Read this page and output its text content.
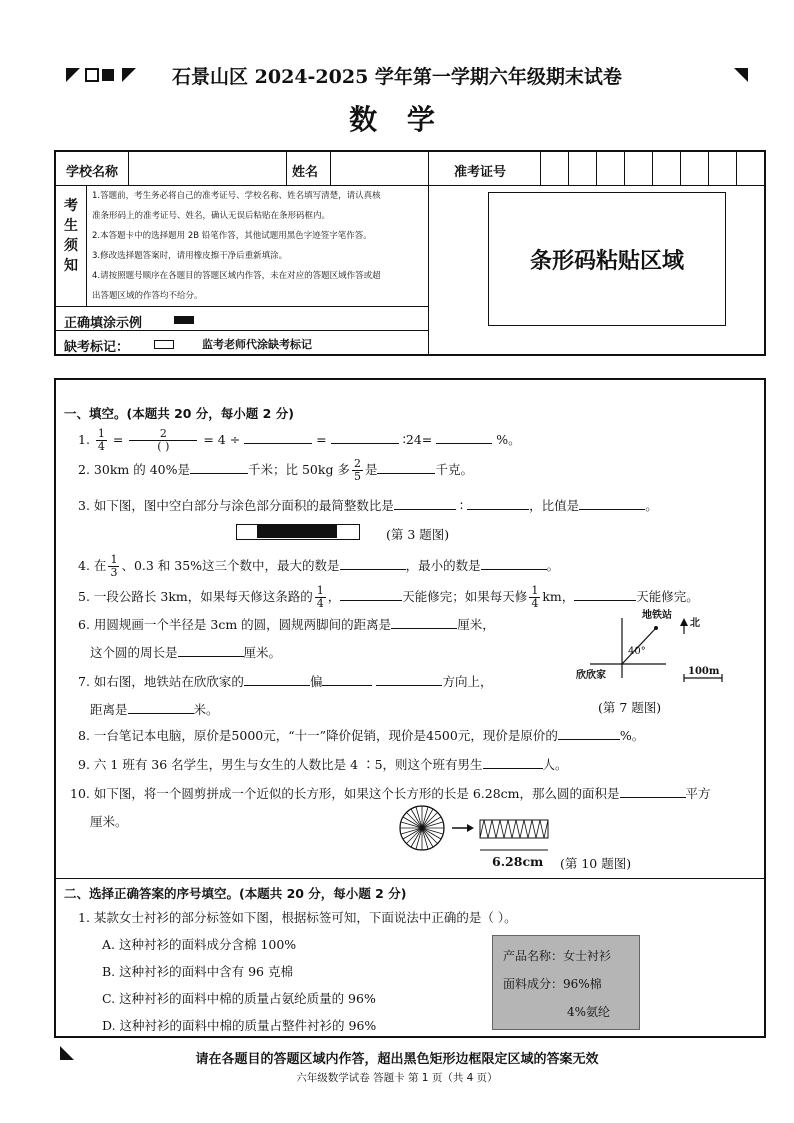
石景山区 2024-2025 学年第一学期六年级期末试卷
数 学
学校名称	姓名	准考证号
考生须知
1.答题前，考生务必将自己的准考证号、学校名称、姓名填写清楚，请认真核
准条形码上的准考证号、姓名，确认无误后粘贴在条形码框内。
2.本答题卡中的选择题用 2B 铅笔作答，其他试题用黑色字迹签字笔作答。
3.修改选择题答案时，请用橡皮擦干净后重新填涂。
4.请按照题号顺序在各题目的答题区域内作答，未在对应的答题区域作答或超
出答题区域的作答均不给分。
正确填涂示例
缺考标记：	监考老师代涂缺考标记
条形码粘贴区域
一、填空。(本题共 20 分，每小题 2 分)
1. $\frac{1}{4} = \frac{2}{( )} = 4$ ÷	=	∶24=	%。
2. 30km 的 40%是	千米；比 50kg 多 $\frac{2}{5}$ 是	千克。
3. 如下图，图中空白部分与涂色部分面积的最简整数比是	∶	，比值是	。
(第 3 题图)
4. 在 $\frac{1}{3}$ 、0.3 和 35%这三个数中，最大的数是	，最小的数是	。
5. 一段公路长 3km，如果每天修这条路的 $\frac{1}{4}$ ，	天能修完；如果每天修 $\frac{1}{4}$ km，	天能修完。
6. 用圆规画一个半径是 3cm 的圆，圆规两脚间的距离是	厘米，
这个圆的周长是	厘米。
7. 如右图，地铁站在欣欣家的	偏	方向上，
距离是	米。
地铁站
北
40°
欣欣家	100m
(第 7 题图)
8. 一台笔记本电脑，原价是5000元，“十一”降价促销，现价是4500元，现价是原价的	%。
9. 六 1 班有 36 名学生，男生与女生的人数比是 4 ∶5，则这个班有男生	人。
10. 如下图，将一个圆剪拼成一个近似的长方形，如果这个长方形的长是 6.28cm，那么圆的面积是	平方
厘米。
6.28cm (第 10 题图)
二、选择正确答案的序号填空。(本题共 20 分，每小题 2 分)
1. 某款女士衬衫的部分标签如下图，根据标签可知，下面说法中正确的是（ ）。
A. 这种衬衫的面料成分含棉 100%
B. 这种衬衫的面料中含有 96 克棉
C. 这种衬衫的面料中棉的质量占氨纶质量的 96%
D. 这种衬衫的面料中棉的质量占整件衬衫的 96%
产品名称：女士衬衫
面料成分：96%棉
4%氨纶
请在各题目的答题区域内作答，超出黑色矩形边框限定区域的答案无效
六年级数学试卷 答题卡 第 1 页（共 4 页）
